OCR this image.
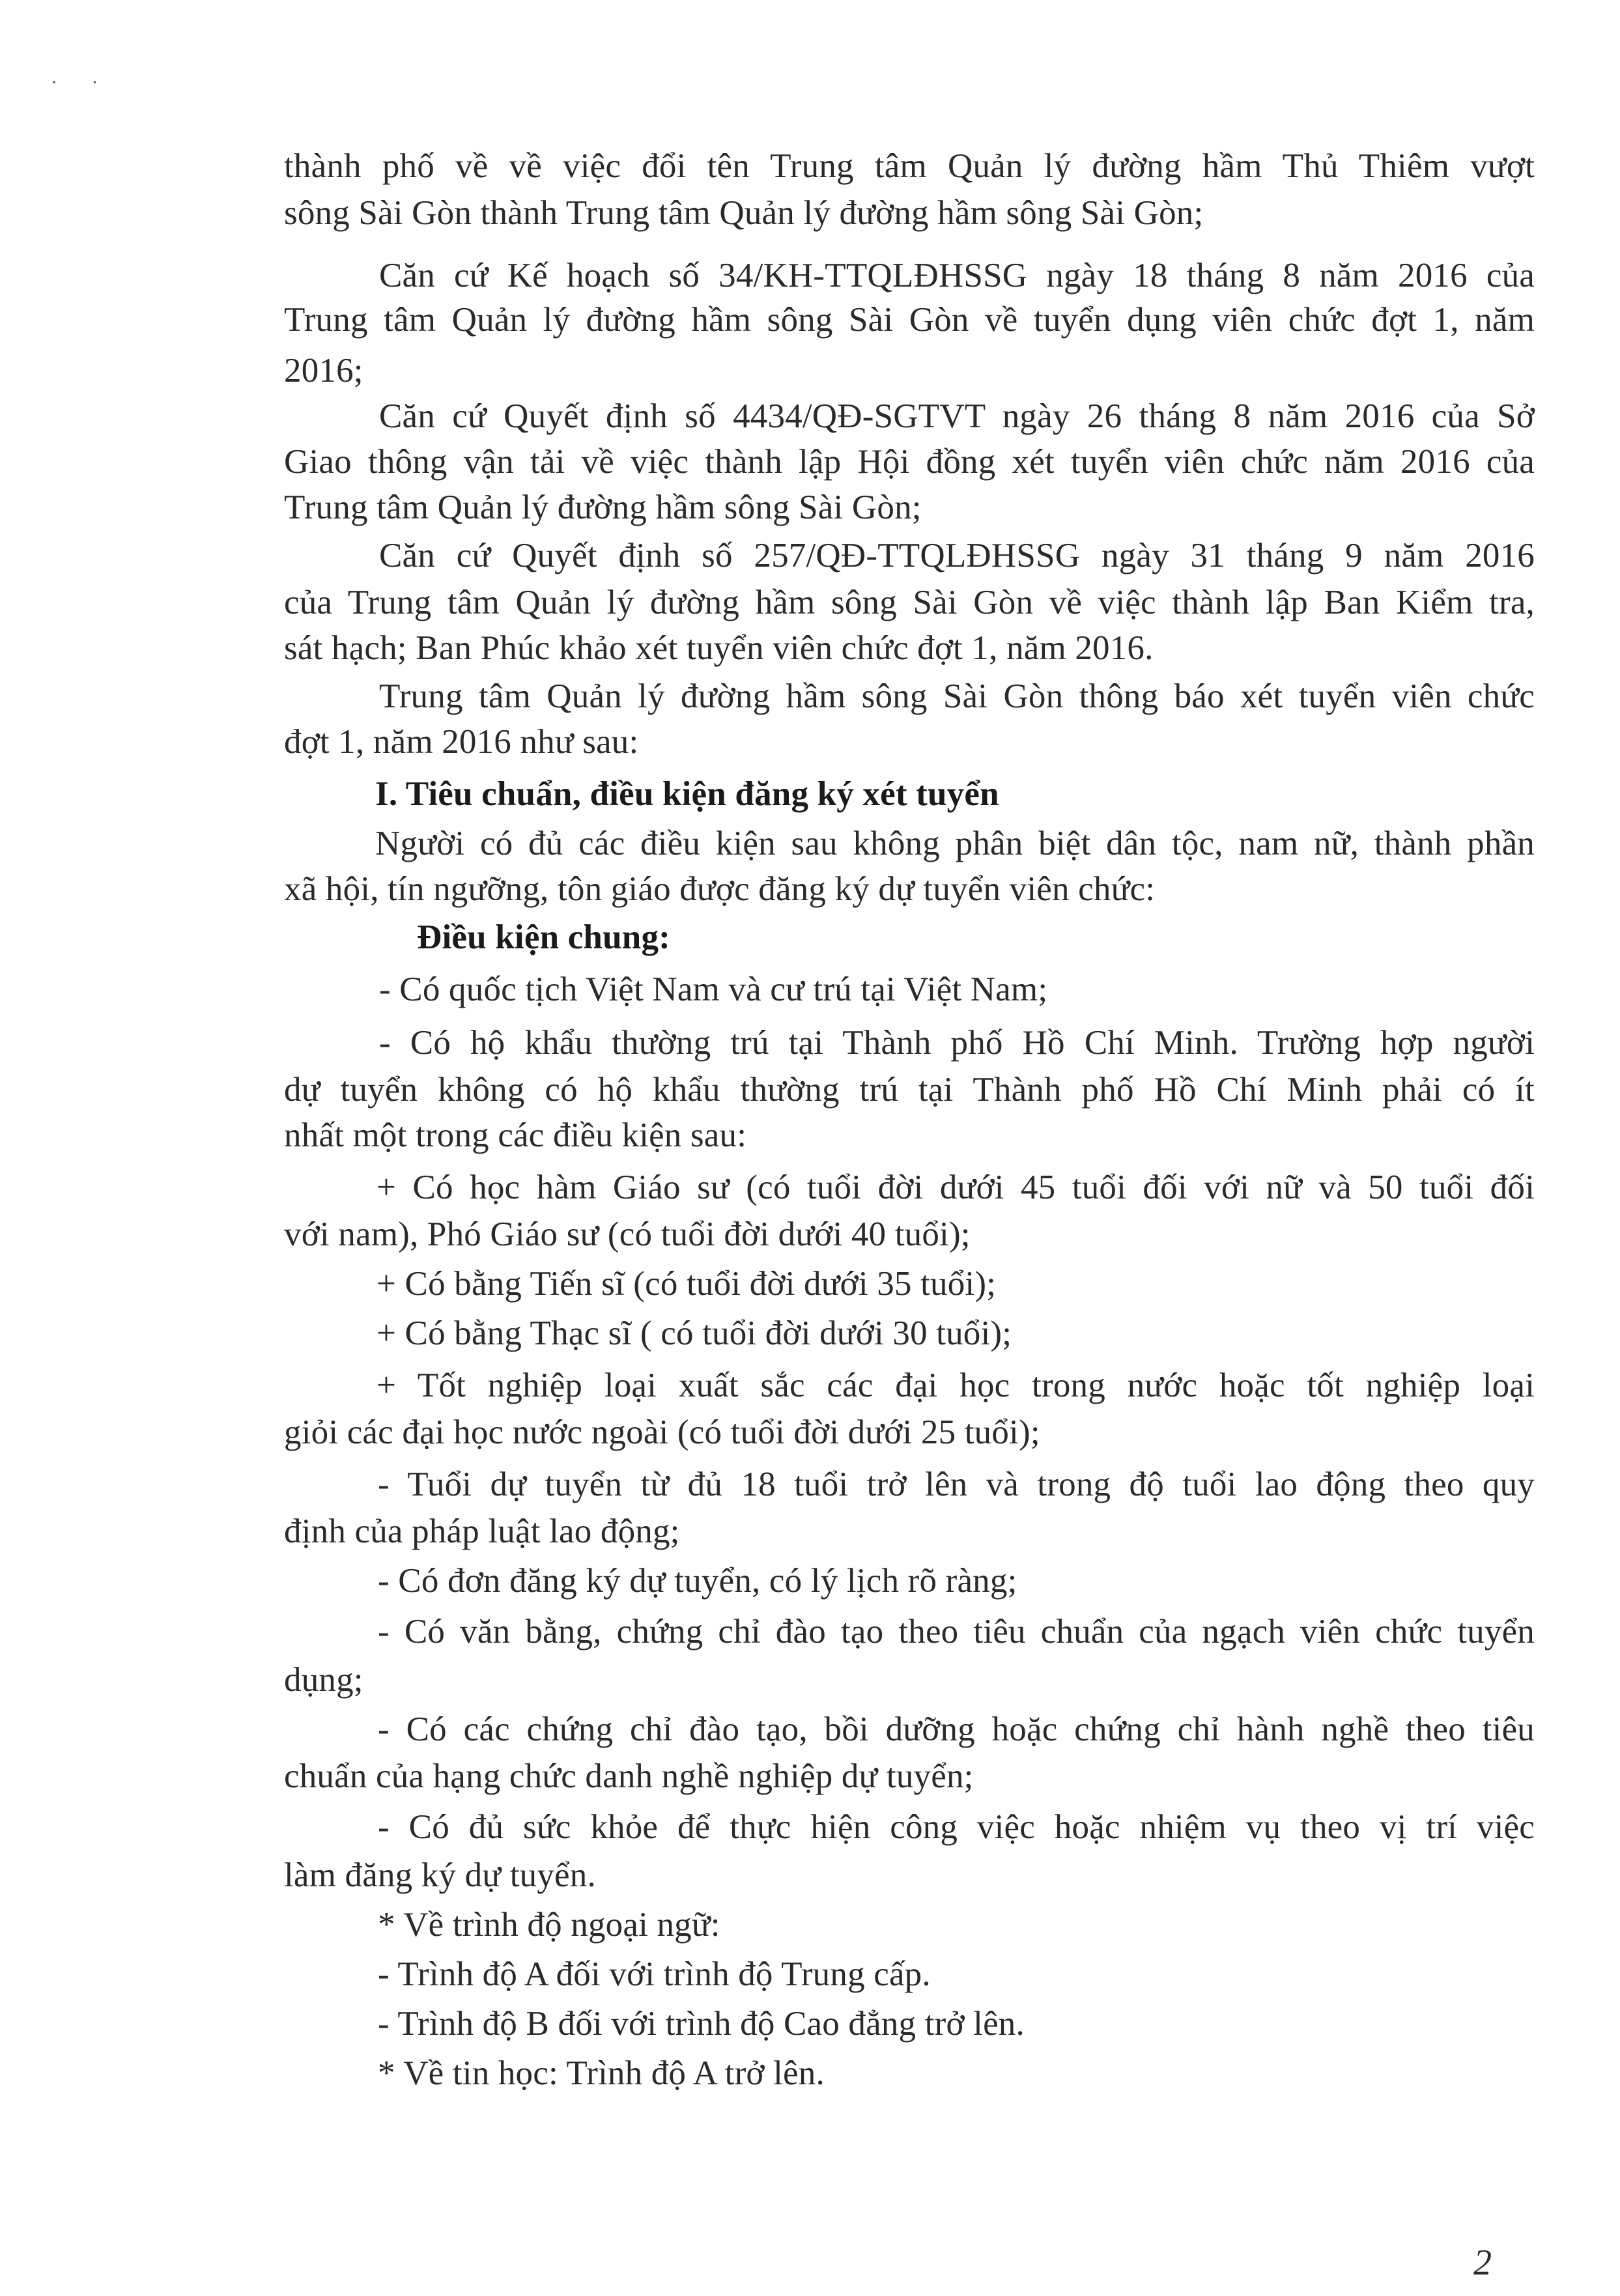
·       ·
thành phố về về việc đổi tên Trung tâm Quản lý đường hầm Thủ Thiêm vượt
sông Sài Gòn thành Trung tâm Quản lý đường hầm sông Sài Gòn;
Căn cứ Kế hoạch số 34/KH-TTQLĐHSSG ngày 18 tháng 8 năm 2016 của
Trung tâm Quản lý đường hầm sông Sài Gòn về tuyển dụng viên chức đợt 1, năm
2016;
Căn cứ Quyết định số 4434/QĐ-SGTVT ngày 26 tháng 8 năm 2016 của Sở
Giao thông vận tải về việc thành lập Hội đồng xét tuyển viên chức năm 2016 của
Trung tâm Quản lý đường hầm sông Sài Gòn;
Căn cứ Quyết định số 257/QĐ-TTQLĐHSSG ngày 31 tháng 9 năm 2016
của Trung tâm Quản lý đường hầm sông Sài Gòn về việc thành lập Ban Kiểm tra,
sát hạch; Ban Phúc khảo xét tuyển viên chức đợt 1, năm 2016.
Trung tâm Quản lý đường hầm sông Sài Gòn thông báo xét tuyển viên chức
đợt 1, năm 2016 như sau:
I. Tiêu chuẩn, điều kiện đăng ký xét tuyển
Người có đủ các điều kiện sau không phân biệt dân tộc, nam nữ, thành phần
xã hội, tín ngưỡng, tôn giáo được đăng ký dự tuyển viên chức:
Điều kiện chung:
- Có quốc tịch Việt Nam và cư trú tại Việt Nam;
- Có hộ khẩu thường trú tại Thành phố Hồ Chí Minh. Trường hợp người
dự tuyển không có hộ khẩu thường trú tại Thành phố Hồ Chí Minh phải có ít
nhất một trong các điều kiện sau:
+ Có học hàm Giáo sư (có tuổi đời dưới 45 tuổi đối với nữ và 50 tuổi đối
với nam), Phó Giáo sư (có tuổi đời dưới 40 tuổi);
+ Có bằng Tiến sĩ (có tuổi đời dưới 35 tuổi);
+ Có bằng Thạc sĩ ( có tuổi đời dưới 30 tuổi);
+ Tốt nghiệp loại xuất sắc các đại học trong nước hoặc tốt nghiệp loại
giỏi các đại học nước ngoài (có tuổi đời dưới 25 tuổi);
- Tuổi dự tuyển từ đủ 18 tuổi trở lên và trong độ tuổi lao động theo quy
định của pháp luật lao động;
- Có đơn đăng ký dự tuyển, có lý lịch rõ ràng;
- Có văn bằng, chứng chỉ đào tạo theo tiêu chuẩn của ngạch viên chức tuyển
dụng;
- Có các chứng chỉ đào tạo, bồi dưỡng hoặc chứng chỉ hành nghề theo tiêu
chuẩn của hạng chức danh nghề nghiệp dự tuyển;
- Có đủ sức khỏe để thực hiện công việc hoặc nhiệm vụ theo vị trí việc
làm đăng ký dự tuyển.
* Về trình độ ngoại ngữ:
- Trình độ A đối với trình độ Trung cấp.
- Trình độ B đối với trình độ Cao đẳng trở lên.
* Về tin học: Trình độ A trở lên.
2
